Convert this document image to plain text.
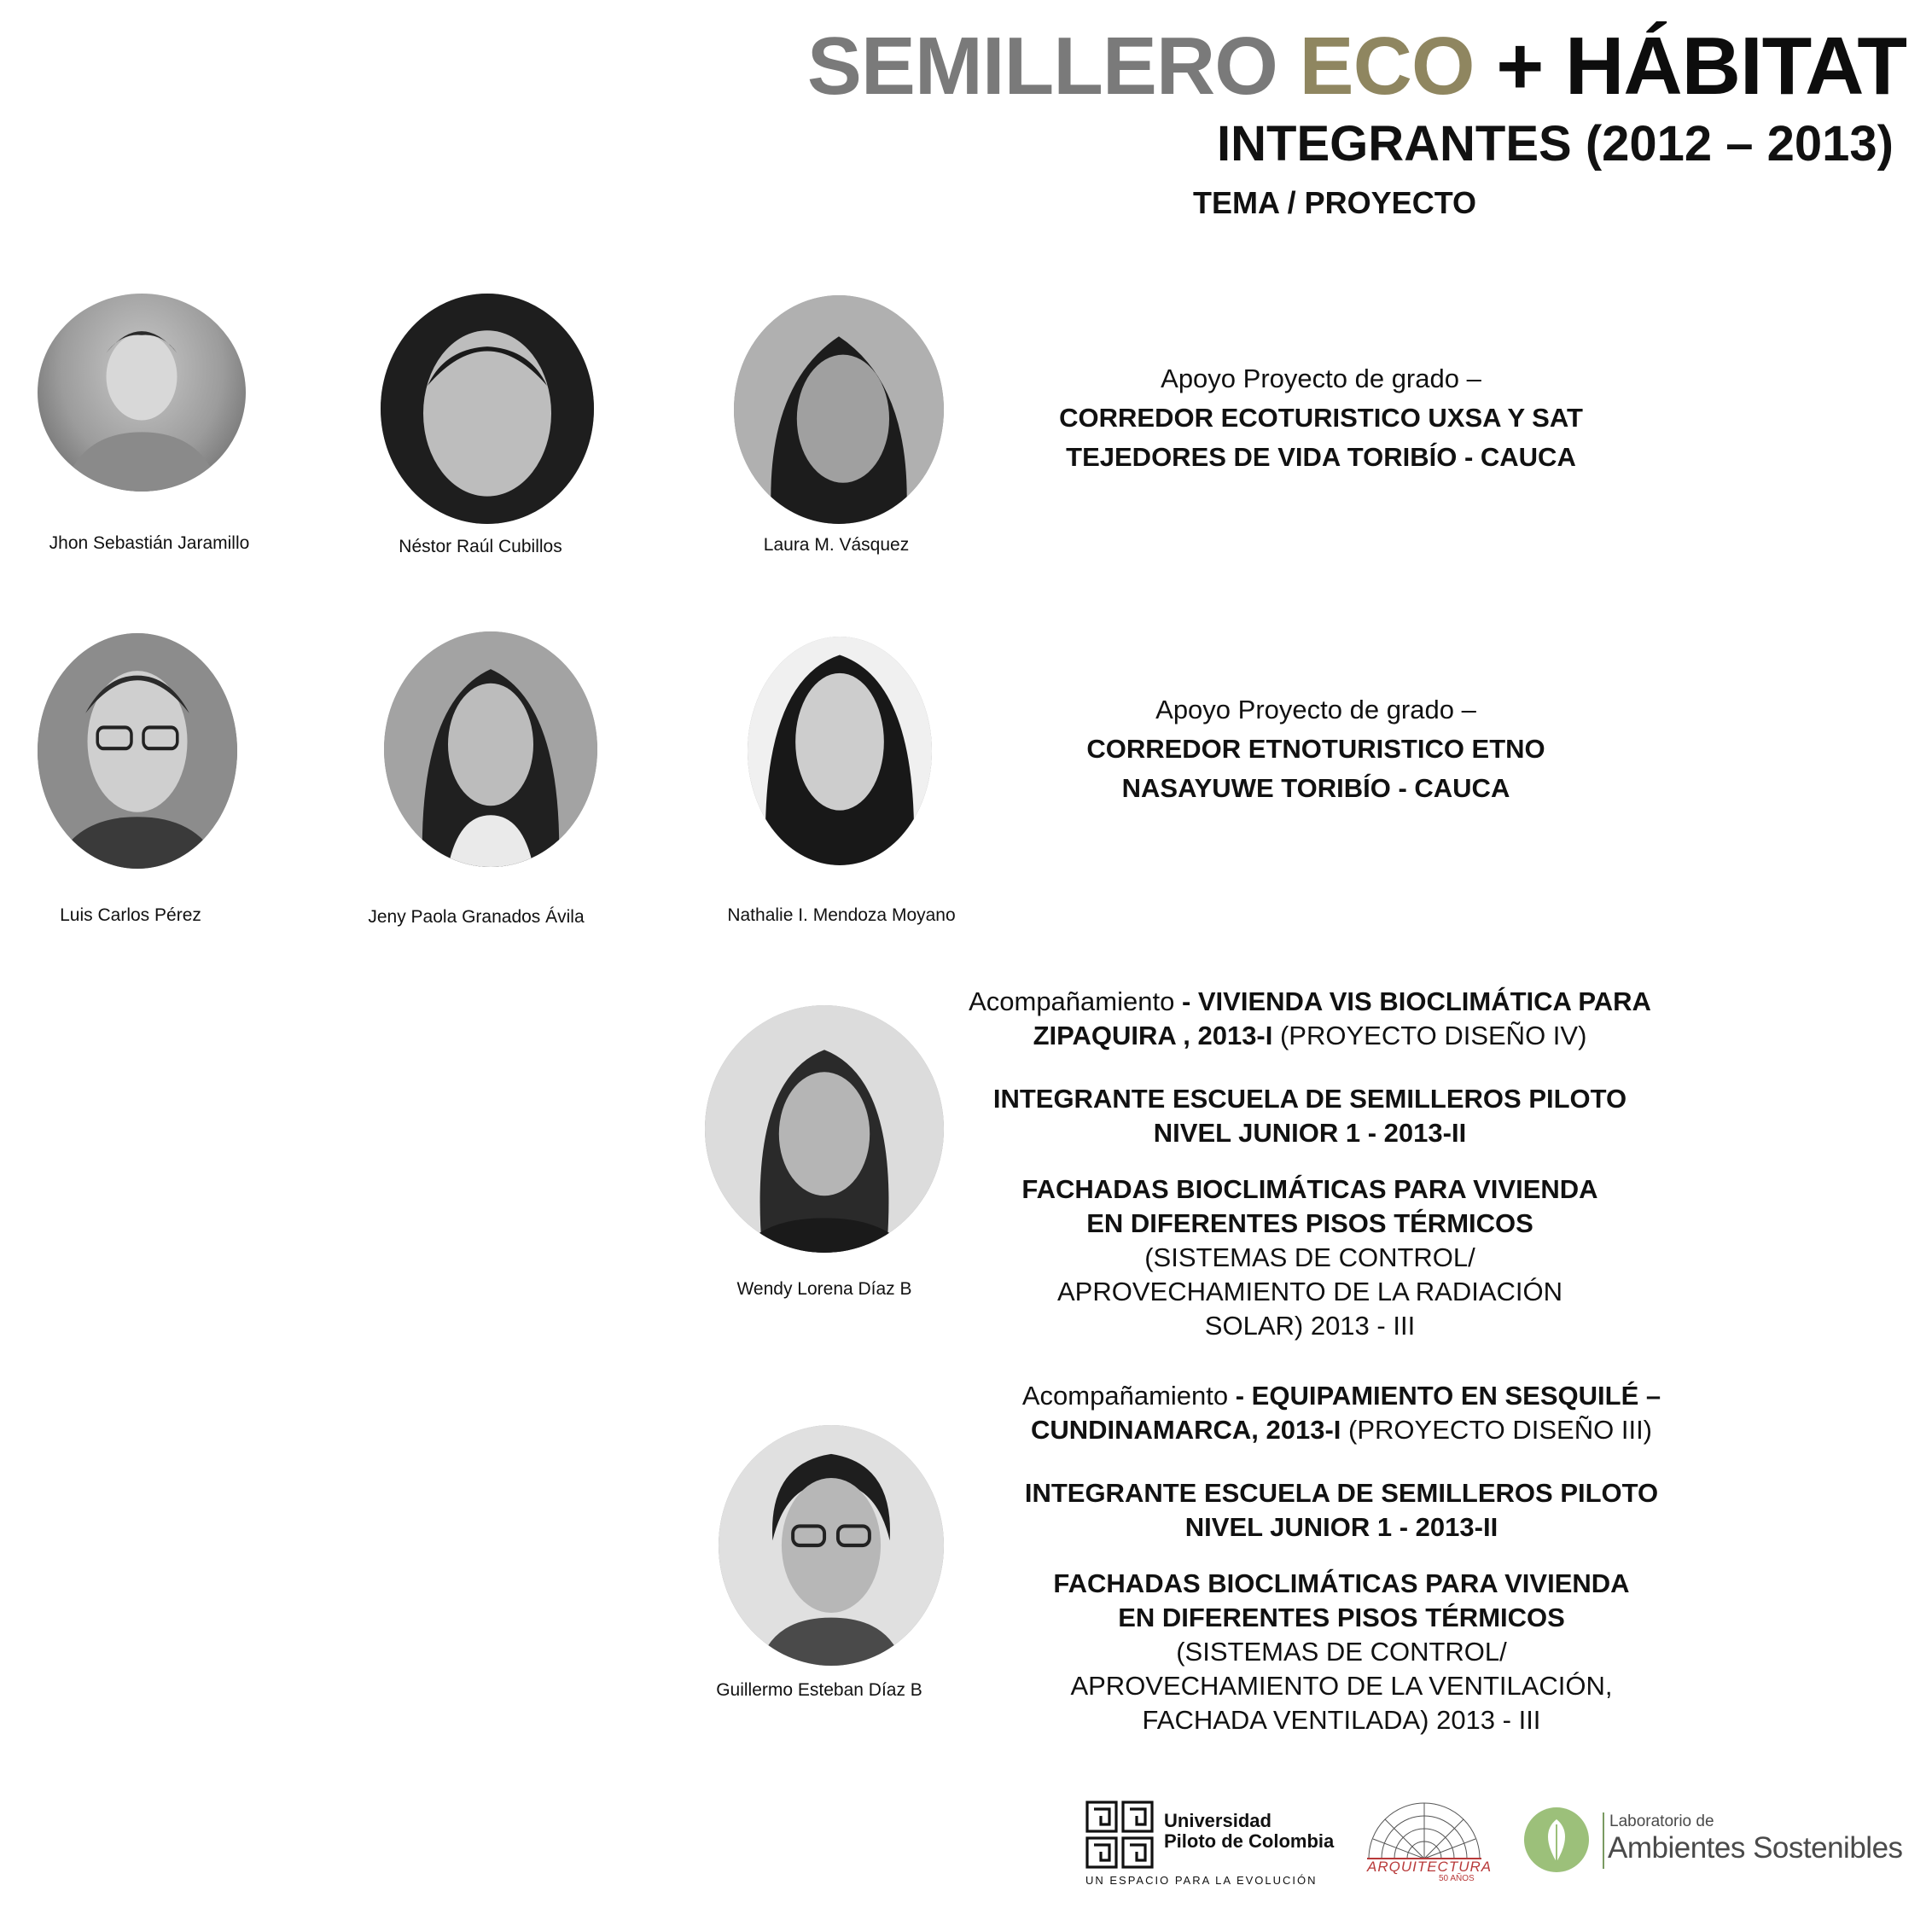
SEMILLERO ECO + HÁBITAT
INTEGRANTES (2012 – 2013)
TEMA / PROYECTO
Jhon Sebastián Jaramillo	Néstor Raúl Cubillos	Laura M. Vásquez
Apoyo Proyecto de grado –
CORREDOR ECOTURISTICO UXSA Y SAT
TEJEDORES DE VIDA TORIBÍO - CAUCA
Luis Carlos Pérez	Jeny Paola Granados Ávila	Nathalie I. Mendoza Moyano
Apoyo Proyecto de grado –
CORREDOR ETNOTURISTICO ETNO
NASAYUWE TORIBÍO - CAUCA
Wendy Lorena Díaz B
Acompañamiento - VIVIENDA VIS BIOCLIMÁTICA PARA
ZIPAQUIRA , 2013-I (PROYECTO DISEÑO IV)
INTEGRANTE ESCUELA DE SEMILLEROS PILOTO
NIVEL JUNIOR 1 - 2013-II
FACHADAS BIOCLIMÁTICAS PARA VIVIENDA
EN DIFERENTES PISOS TÉRMICOS
(SISTEMAS DE CONTROL/
APROVECHAMIENTO DE LA RADIACIÓN
SOLAR) 2013 - III
Guillermo Esteban Díaz B
Acompañamiento - EQUIPAMIENTO EN SESQUILÉ –
CUNDINAMARCA, 2013-I (PROYECTO DISEÑO III)
INTEGRANTE ESCUELA DE SEMILLEROS PILOTO
NIVEL JUNIOR 1 - 2013-II
FACHADAS BIOCLIMÁTICAS PARA VIVIENDA
EN DIFERENTES PISOS TÉRMICOS
(SISTEMAS DE CONTROL/
APROVECHAMIENTO DE LA VENTILACIÓN,
FACHADA VENTILADA) 2013 - III
Universidad
Piloto de Colombia
UN ESPACIO PARA LA EVOLUCIÓN
ARQUITECTURA
50 AÑOS
Laboratorio de
Ambientes Sostenibles
